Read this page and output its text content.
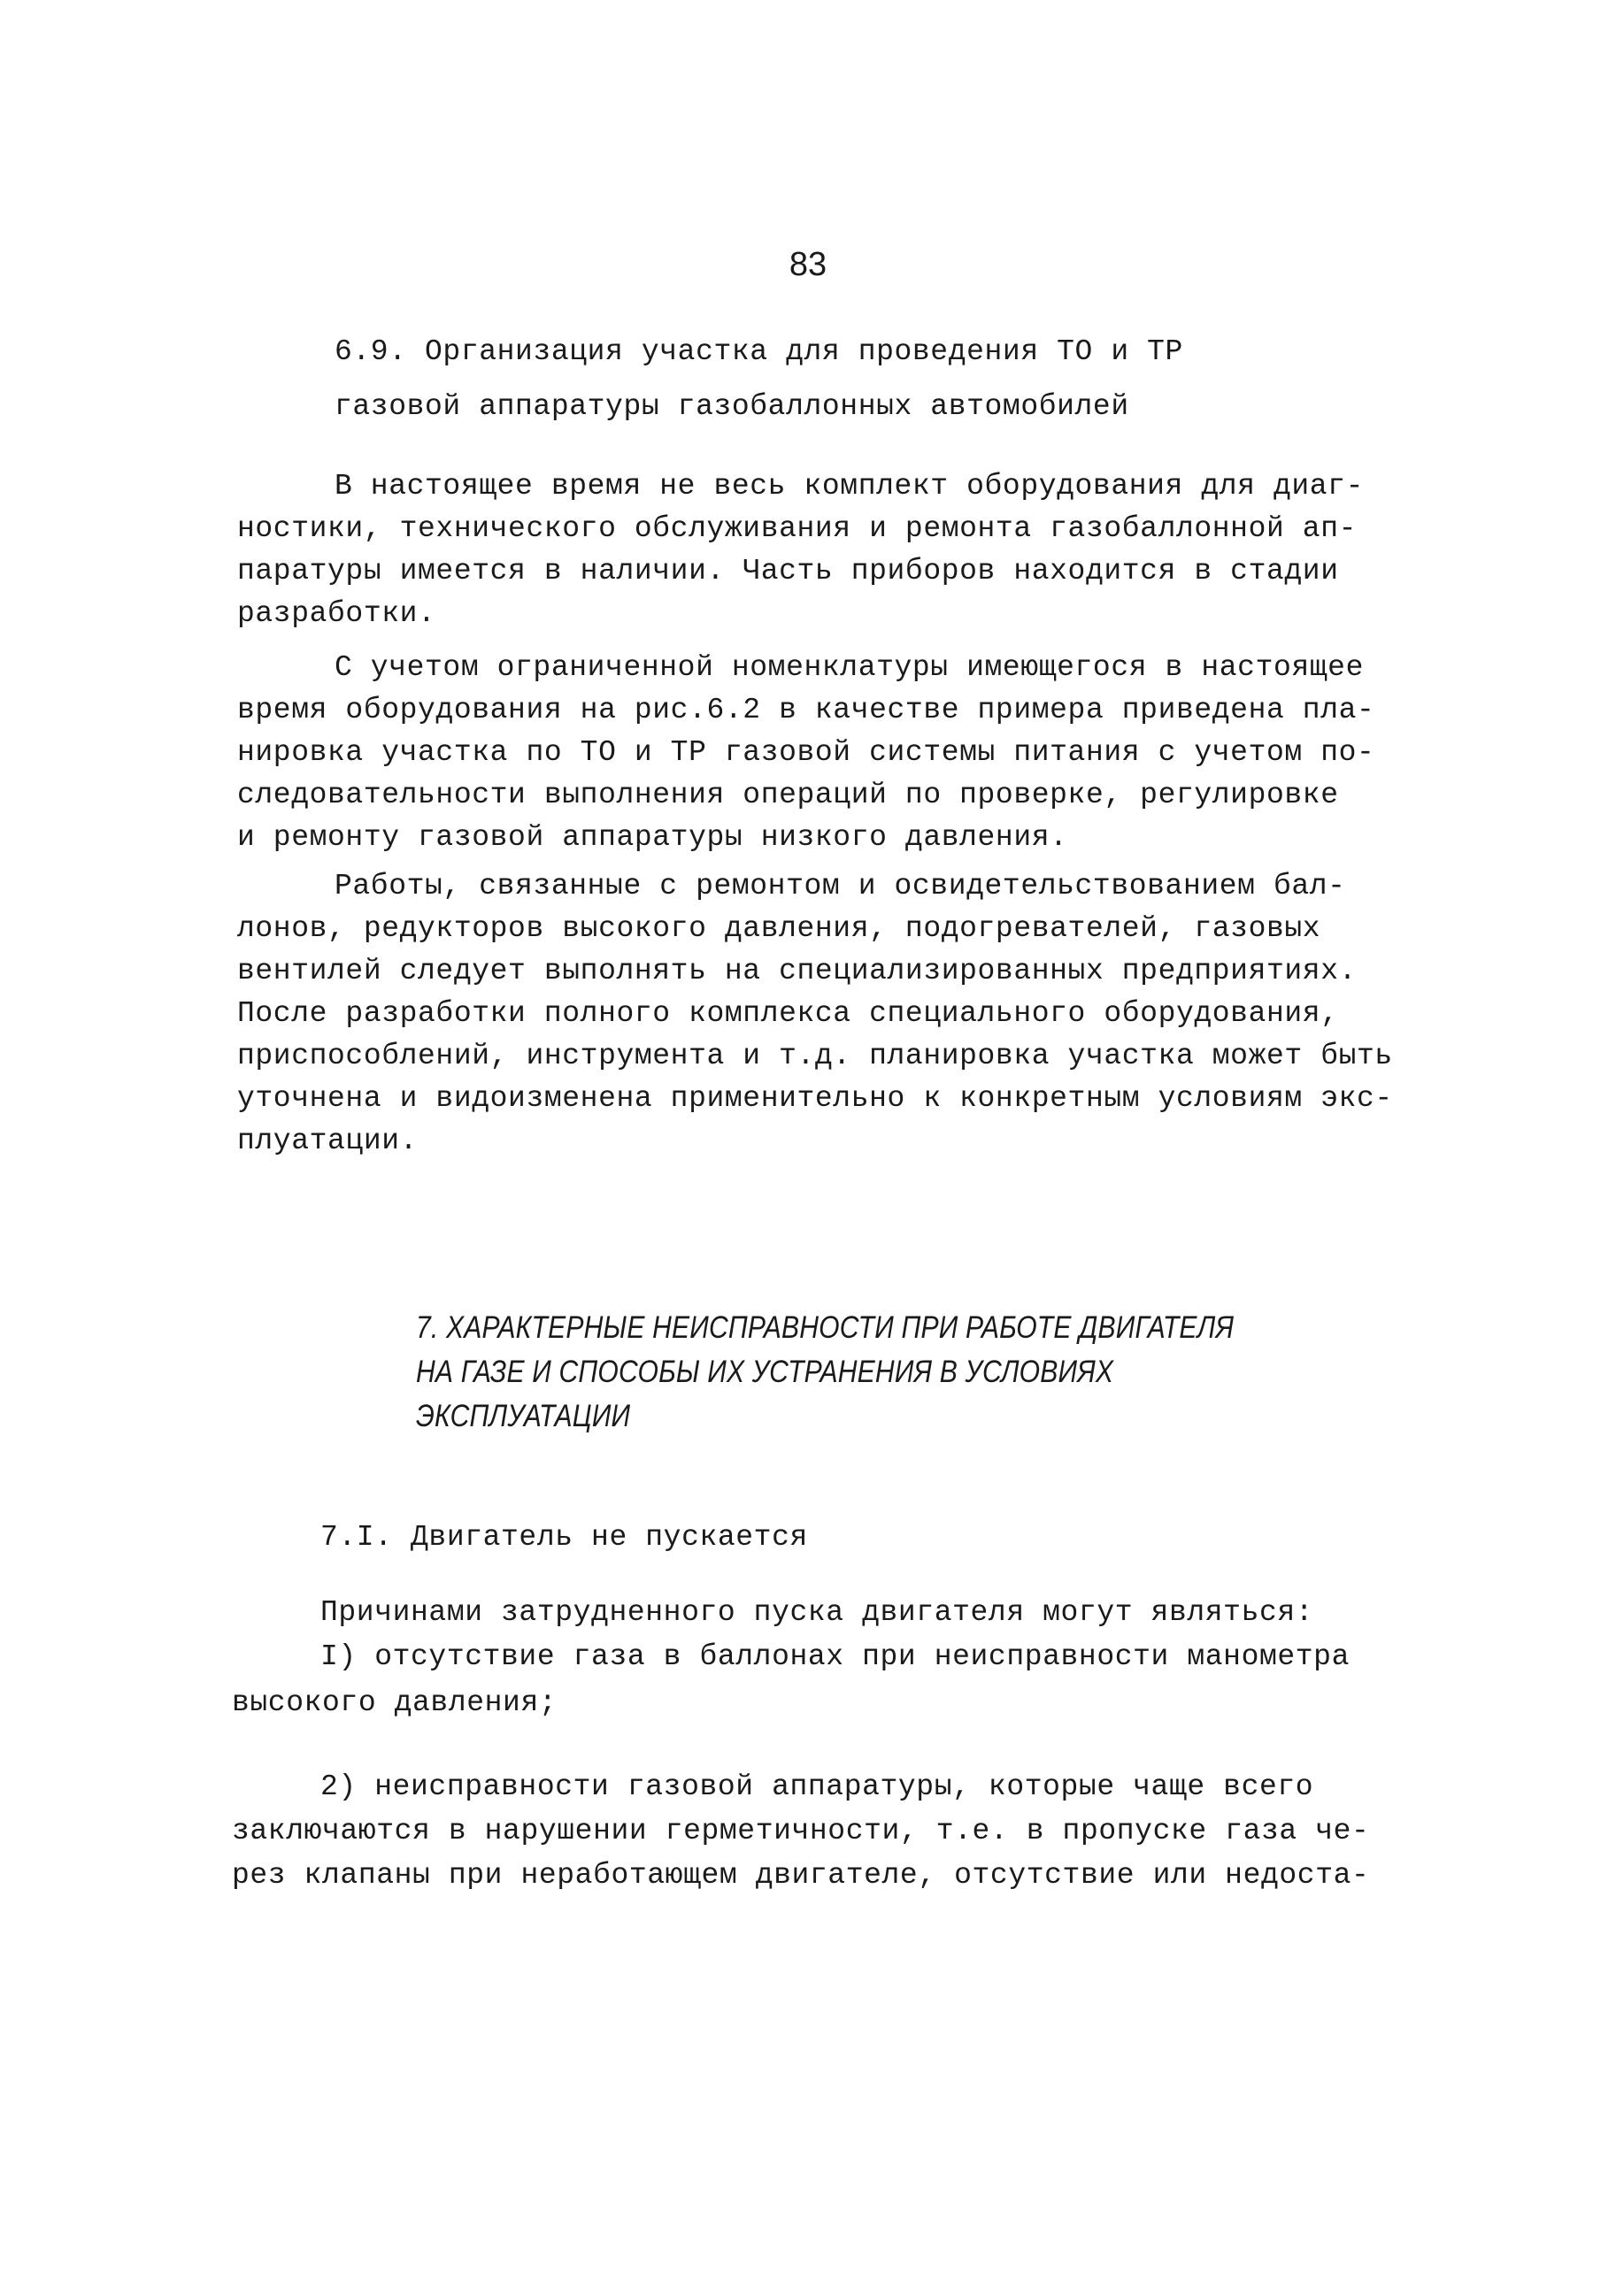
83
6.9. Организация участка для проведения ТО и ТР
газовой аппаратуры газобаллонных автомобилей
В настоящее время не весь комплект оборудования для диаг-
ностики, технического обслуживания и ремонта газобаллонной ап-
паратуры имеется в наличии. Часть приборов находится в стадии
разработки.
С учетом ограниченной номенклатуры имеющегося в настоящее
время оборудования на рис.6.2 в качестве примера приведена пла-
нировка участка по ТО и ТР газовой системы питания с учетом по-
следовательности выполнения операций по проверке, регулировке
и ремонту газовой аппаратуры низкого давления.
Работы, связанные с ремонтом и освидетельствованием бал-
лонов, редукторов высокого давления, подогревателей, газовых
вентилей следует выполнять на специализированных предприятиях.
После разработки полного комплекса специального оборудования,
приспособлений, инструмента и т.д. планировка участка может быть
уточнена и видоизменена применительно к конкретным условиям экс-
плуатации.
7. ХАРАКТЕРНЫЕ НЕИСПРАВНОСТИ ПРИ РАБОТЕ ДВИГАТЕЛЯ
НА ГАЗЕ И СПОСОБЫ ИХ УСТРАНЕНИЯ В УСЛОВИЯХ
ЭКСПЛУАТАЦИИ
7.I. Двигатель не пускается
Причинами затрудненного пуска двигателя могут являться:
I) отсутствие газа в баллонах при неисправности манометра
высокого давления;
2) неисправности газовой аппаратуры, которые чаще всего
заключаются в нарушении герметичности, т.е. в пропуске газа че-
рез клапаны при неработающем двигателе, отсутствие или недоста-
